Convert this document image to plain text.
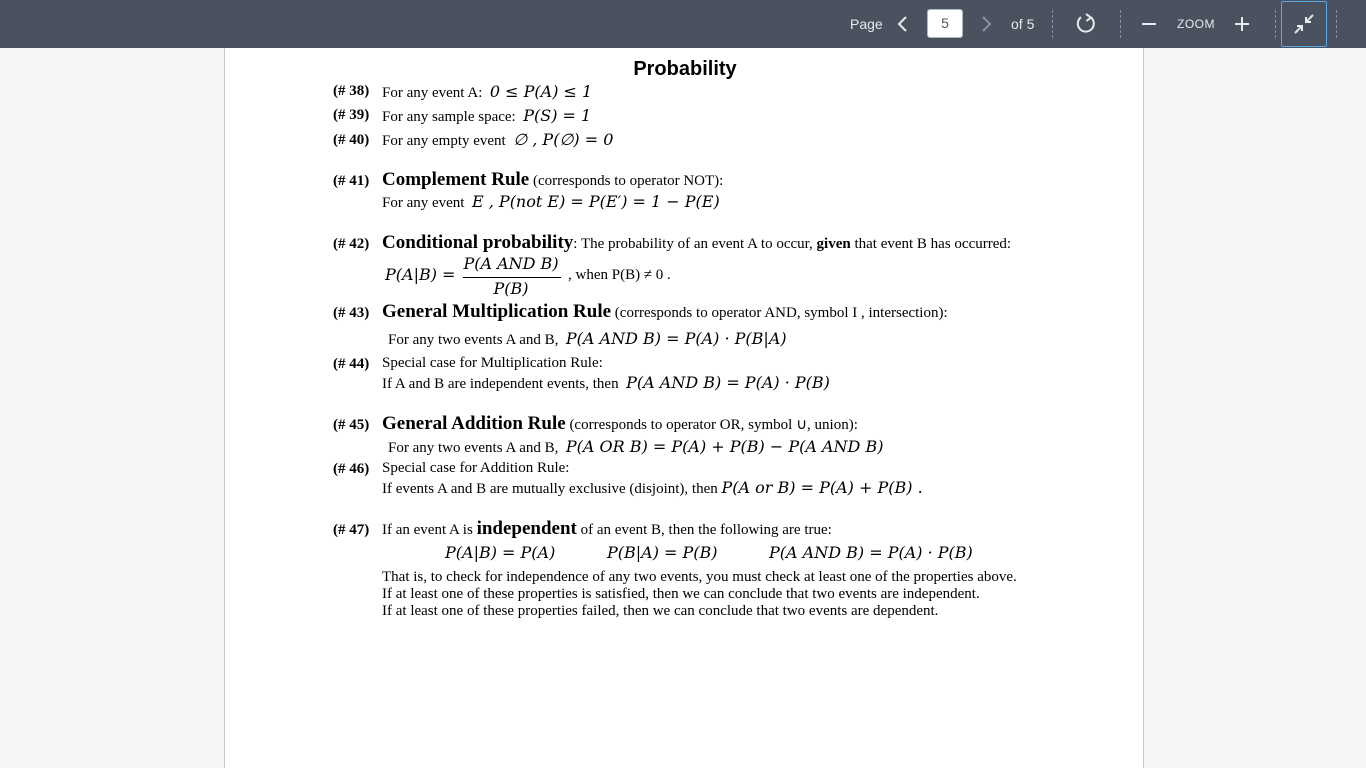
Page	5	of 5	ZOOM
Probability
(# 38) For any event A: 0 ≤ P(A) ≤ 1
(# 39) For any sample space: P(S) = 1
(# 40) For any empty event ∅ , P(∅) = 0
(# 41) Complement Rule (corresponds to operator NOT):
For any event E , P(not E) = P(E′) = 1 − P(E)
(# 42) Conditional probability: The probability of an event A to occur, given that event B has occurred:
P(A|B) =
P(A AND B)
P(B)
, when P(B) ≠ 0 .
(# 43) General Multiplication Rule (corresponds to operator AND, symbol I , intersection):
For any two events A and B, P(A AND B) = P(A) · P(B|A)
(# 44) Special case for Multiplication Rule:
If A and B are independent events, then P(A AND B) = P(A) · P(B)
(# 45) General Addition Rule (corresponds to operator OR, symbol ∪, union):
For any two events A and B, P(A OR B) = P(A) + P(B) − P(A AND B)
(# 46) Special case for Addition Rule:
If events A and B are mutually exclusive (disjoint), then P(A or B) = P(A) + P(B) .
(# 47) If an event A is independent of an event B, then the following are true:
P(A|B) = P(A)	P(B|A) = P(B)	P(A AND B) = P(A) · P(B)
That is, to check for independence of any two events, you must check at least one of the properties above.
If at least one of these properties is satisfied, then we can conclude that two events are independent.
If at least one of these properties failed, then we can conclude that two events are dependent.
